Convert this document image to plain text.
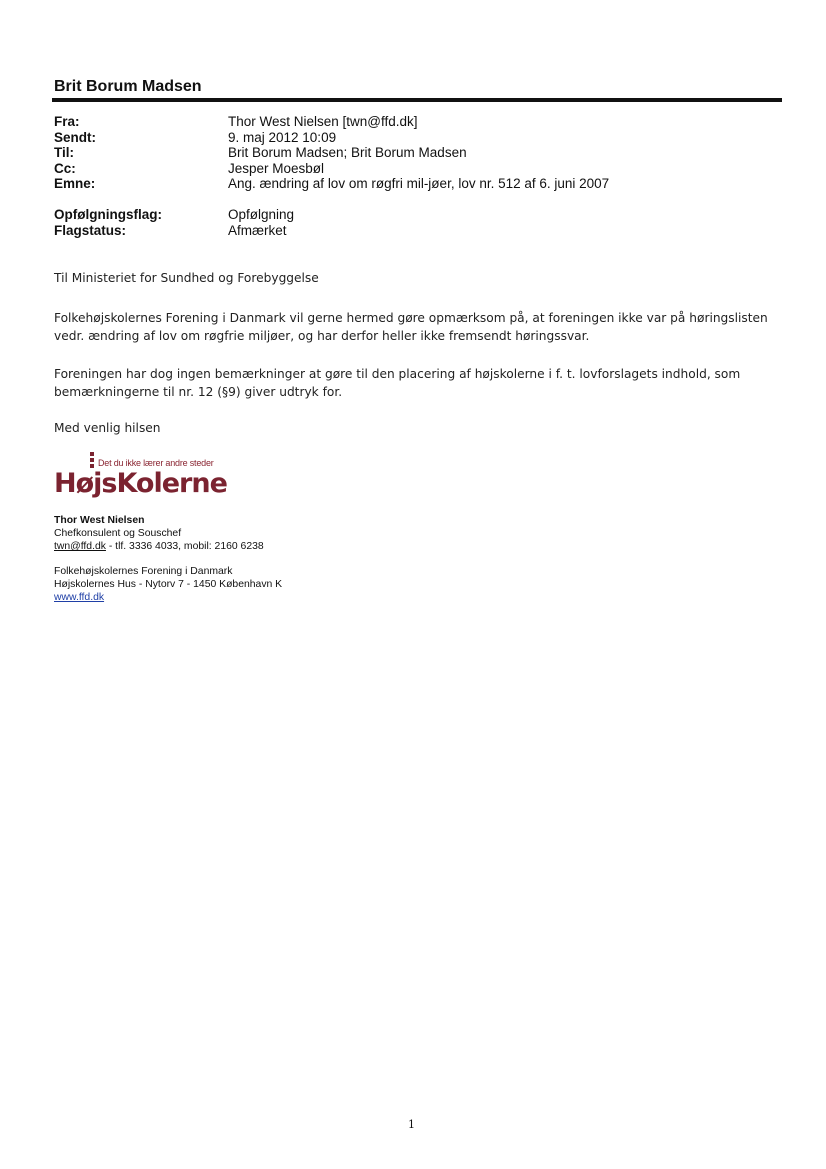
Brit Borum Madsen
Fra:	Thor West Nielsen [twn@ffd.dk]
Sendt:	9. maj 2012 10:09
Til:	Brit Borum Madsen; Brit Borum Madsen
Cc:	Jesper Moesbøl
Emne:	Ang. ændring af lov om røgfri mil-jøer, lov nr. 512 af 6. juni 2007
Opfølgningsflag:	Opfølgning
Flagstatus:	Afmærket
Til Ministeriet for Sundhed og Forebyggelse
Folkehøjskolernes Forening i Danmark vil gerne hermed gøre opmærksom på, at foreningen ikke var på høringslisten
vedr. ændring af lov om røgfrie miljøer, og har derfor heller ikke fremsendt høringssvar.
Foreningen har dog ingen bemærkninger at gøre til den placering af højskolerne i f. t. lovforslagets indhold, som
bemærkningerne til nr. 12 (§9) giver udtryk for.
Med venlig hilsen
Det du ikke lærer andre steder
HøjsKolerne
Thor West Nielsen
Chefkonsulent og Souschef
twn@ffd.dk - tlf. 3336 4033, mobil: 2160 6238
Folkehøjskolernes Forening i Danmark
Højskolernes Hus - Nytorv 7 - 1450 København K
www.ffd.dk
1
